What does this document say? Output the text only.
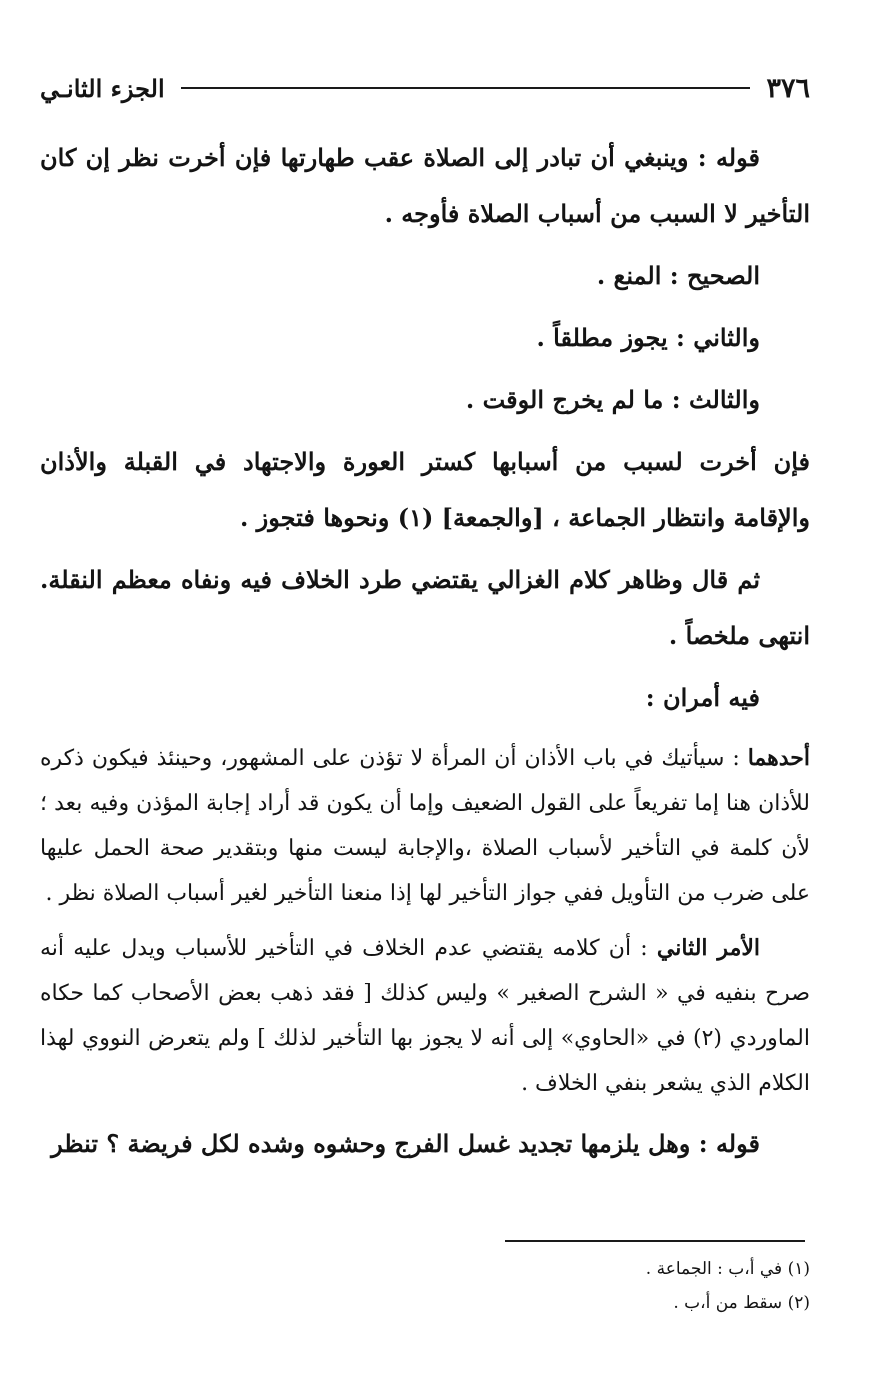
٣٧٦
الجزء الثانـي

قوله : وينبغي أن تبادر إلى الصلاة عقب طهارتها فإن أخرت نظر إن كان التأخير لا السبب من أسباب الصلاة فأوجه .

الصحيح : المنع .

والثاني : يجوز مطلقاً .

والثالث : ما لم يخرج الوقت .

فإن أخرت لسبب من أسبابها كستر العورة والاجتهاد في القبلة والأذان والإقامة وانتظار الجماعة ، [والجمعة] (١) ونحوها فتجوز .

ثم قال وظاهر كلام الغزالي يقتضي طرد الخلاف فيه ونفاه معظم النقلة. انتهى ملخصاً .

فيه أمران :

أحدهما : سيأتيك في باب الأذان أن المرأة لا تؤذن على المشهور، وحينئذ فيكون ذكره للأذان هنا إما تفريعاً على القول الضعيف وإما أن يكون قد أراد إجابة المؤذن وفيه بعد ؛لأن كلمة في التأخير لأسباب الصلاة ،والإجابة ليست منها وبتقدير صحة الحمل عليها على ضرب من التأويل ففي جواز التأخير لها إذا منعنا التأخير لغير أسباب الصلاة نظر .

الأمر الثاني : أن كلامه يقتضي عدم الخلاف في التأخير للأسباب ويدل عليه أنه صرح بنفيه في « الشرح الصغير » وليس كذلك [ فقد ذهب بعض الأصحاب كما حكاه الماوردي (٢) في «الحاوي» إلى أنه لا يجوز بها التأخير لذلك ] ولم يتعرض النووي لهذا الكلام الذي يشعر بنفي الخلاف .

قوله : وهل يلزمها تجديد غسل الفرج وحشوه وشده لكل فريضة ؟ تنظر

(١) في أ،ب : الجماعة .

(٢) سقط من أ،ب .
